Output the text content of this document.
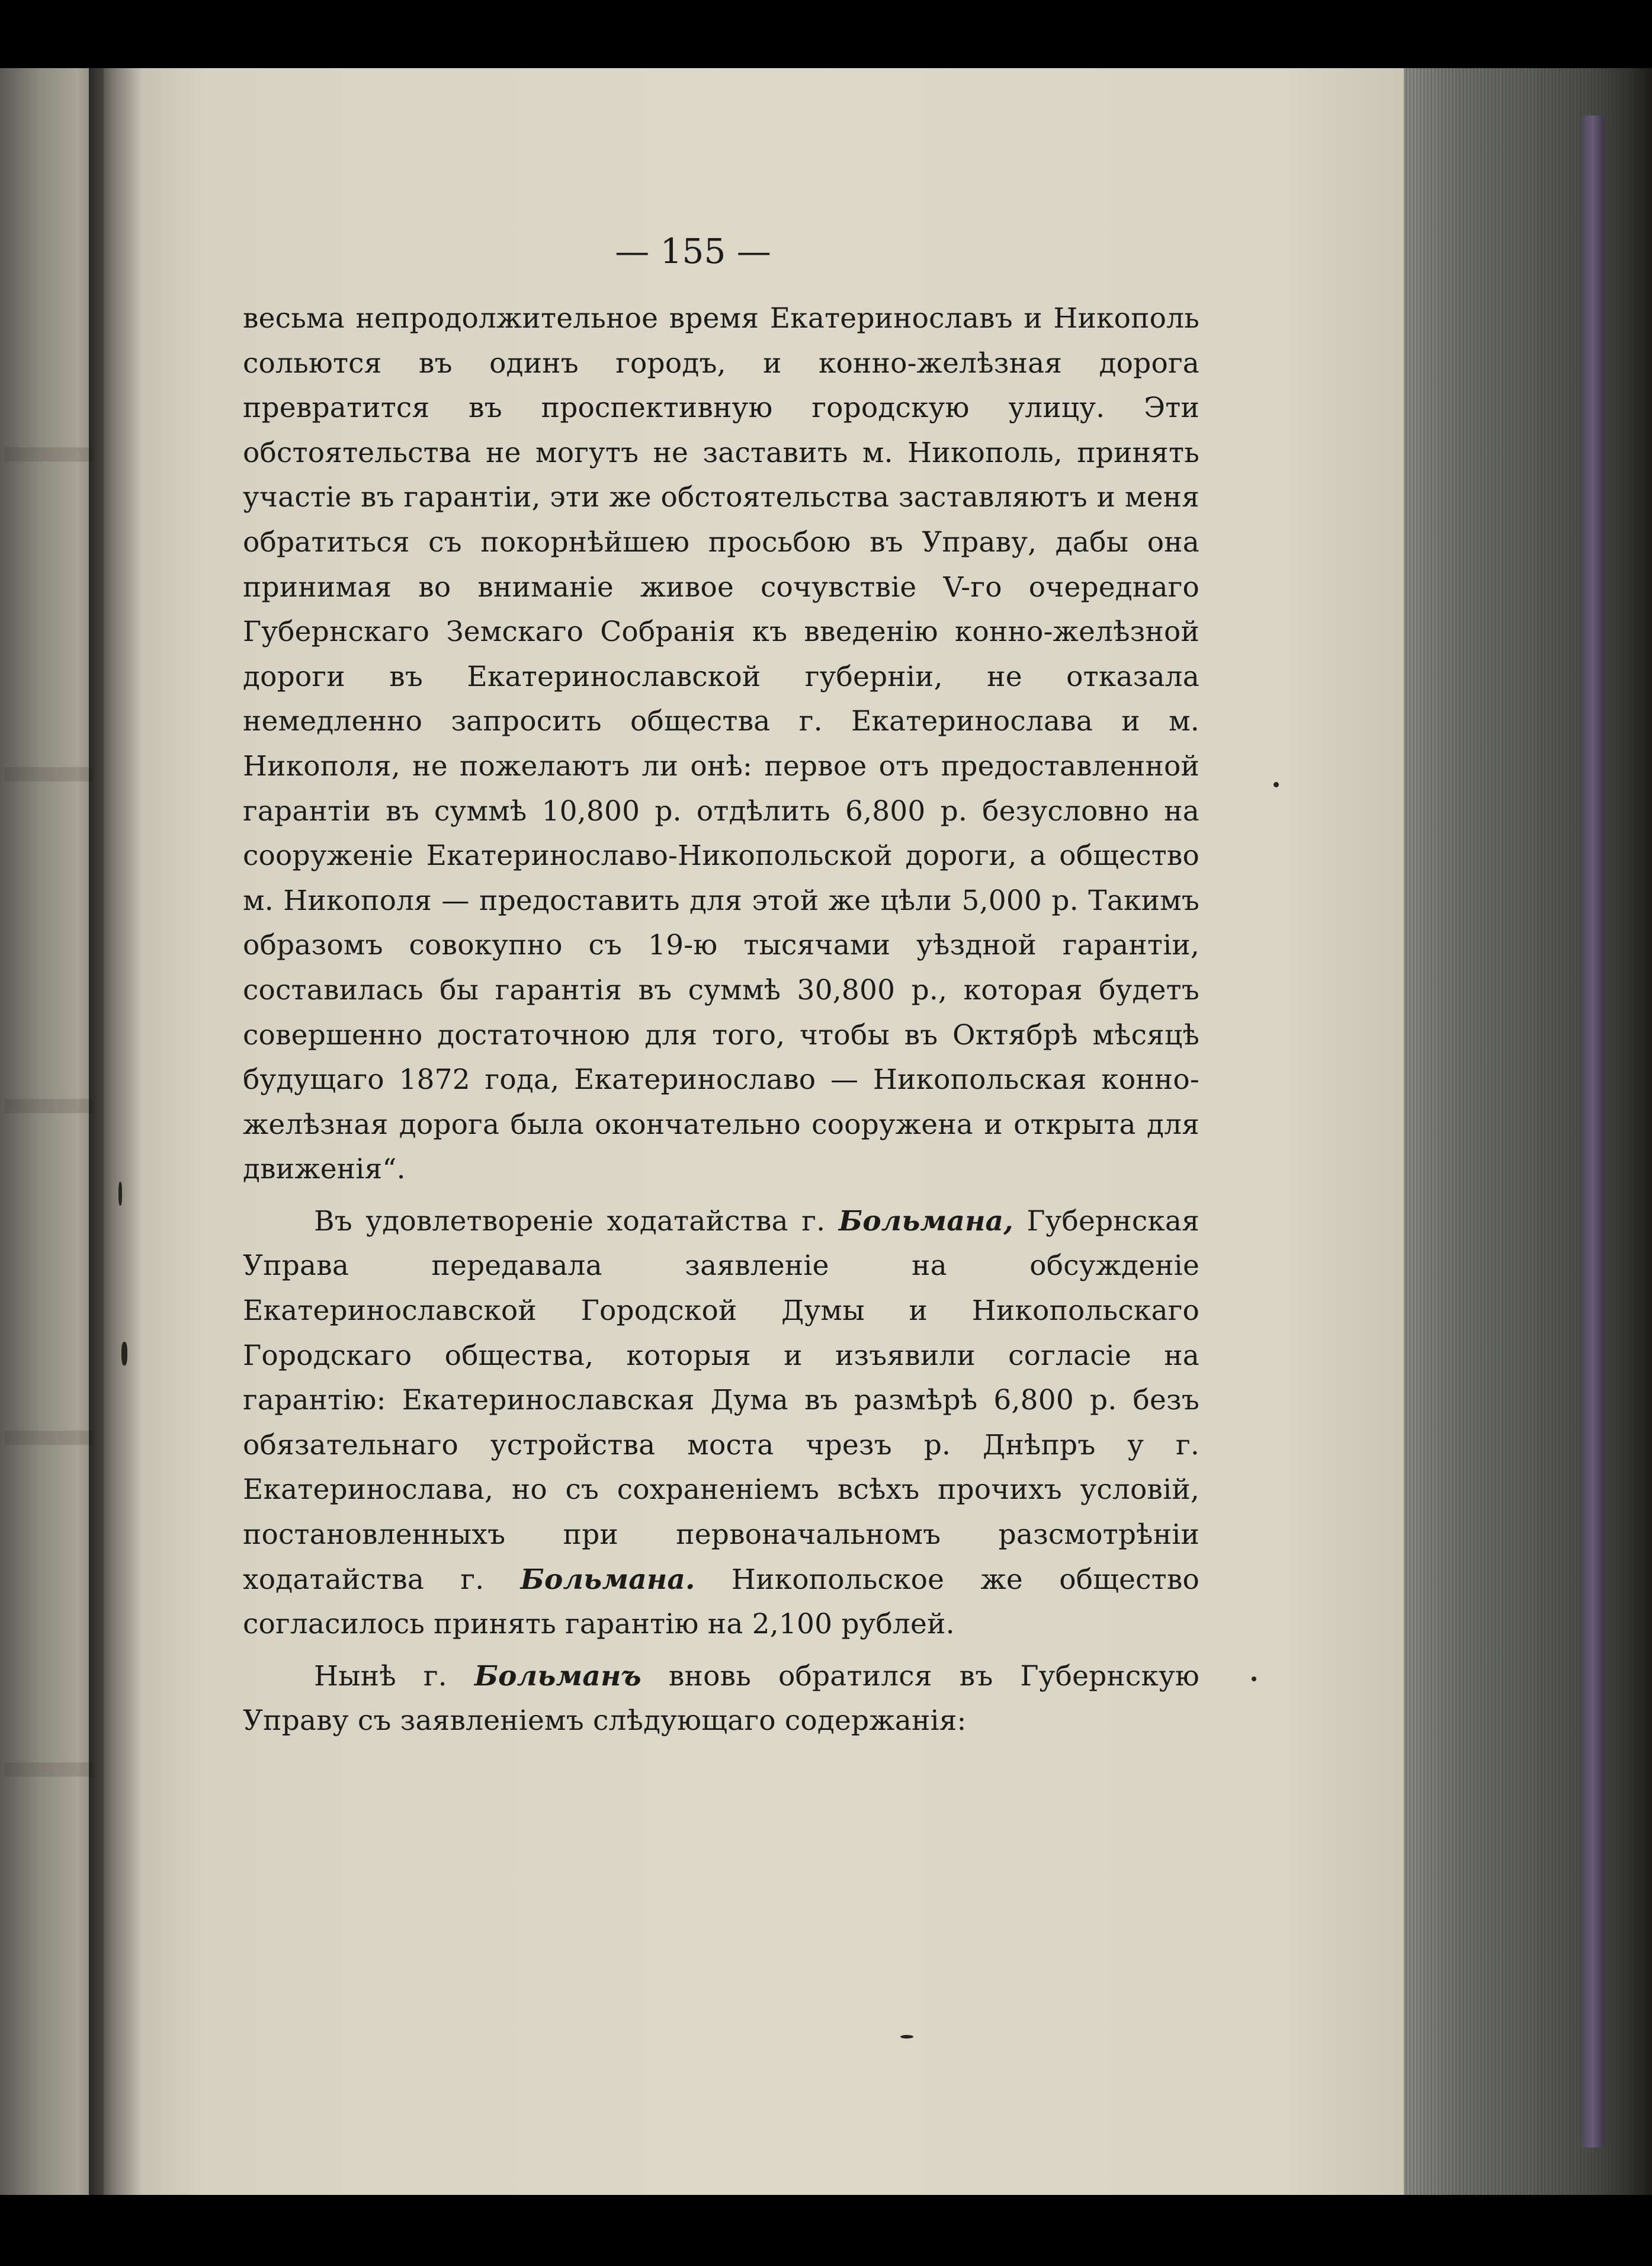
— 155 —

весьма непродолжительное время Екатеринославъ и Никополь сольются въ одинъ городъ, и конно-желѣзная дорога превратится въ проспективную городскую улицу. Эти обстоятельства не могутъ не заставить м. Никополь, принять участіе въ гарантіи, эти же обстоятельства заставляютъ и меня обратиться съ покорнѣйшею просьбою въ Управу, дабы она принимая во вниманіе живое сочувствіе V-го очереднаго Губернскаго Земскаго Собранія къ введенію конно-желѣзной дороги въ Екатеринославской губерніи, не отказала немедленно запросить общества г. Екатеринослава и м. Никополя, не пожелаютъ ли онѣ: первое отъ предоставленной гарантіи въ суммѣ 10,800 р. отдѣлить 6,800 р. безусловно на сооруженіе Екатеринославо-Никопольской дороги, а общество м. Никополя — предоставить для этой же цѣли 5,000 р. Такимъ образомъ совокупно съ 19-ю тысячами уѣздной гарантіи, составилась бы гарантія въ суммѣ 30,800 р., которая будетъ совершенно достаточною для того, чтобы въ Октябрѣ мѣсяцѣ будущаго 1872 года, Екатеринославо — Никопольская конно-желѣзная дорога была окончательно сооружена и открыта для движенія“.

Въ удовлетвореніе ходатайства г. Больмана, Губернская Управа передавала заявленіе на обсужденіе Екатеринославской Городской Думы и Никопольскаго Городскаго общества, которыя и изъявили согласіе на гарантію: Екатеринославская Дума въ размѣрѣ 6,800 р. безъ обязательнаго устройства моста чрезъ р. Днѣпръ у г. Екатеринослава, но съ сохраненіемъ всѣхъ прочихъ условій, постановленныхъ при первоначальномъ разсмотрѣніи ходатайства г. Больмана. Никопольское же общество согласилось принять гарантію на 2,100 рублей.

Нынѣ г. Больманъ вновь обратился въ Губернскую Управу съ заявленіемъ слѣдующаго содержанія:
